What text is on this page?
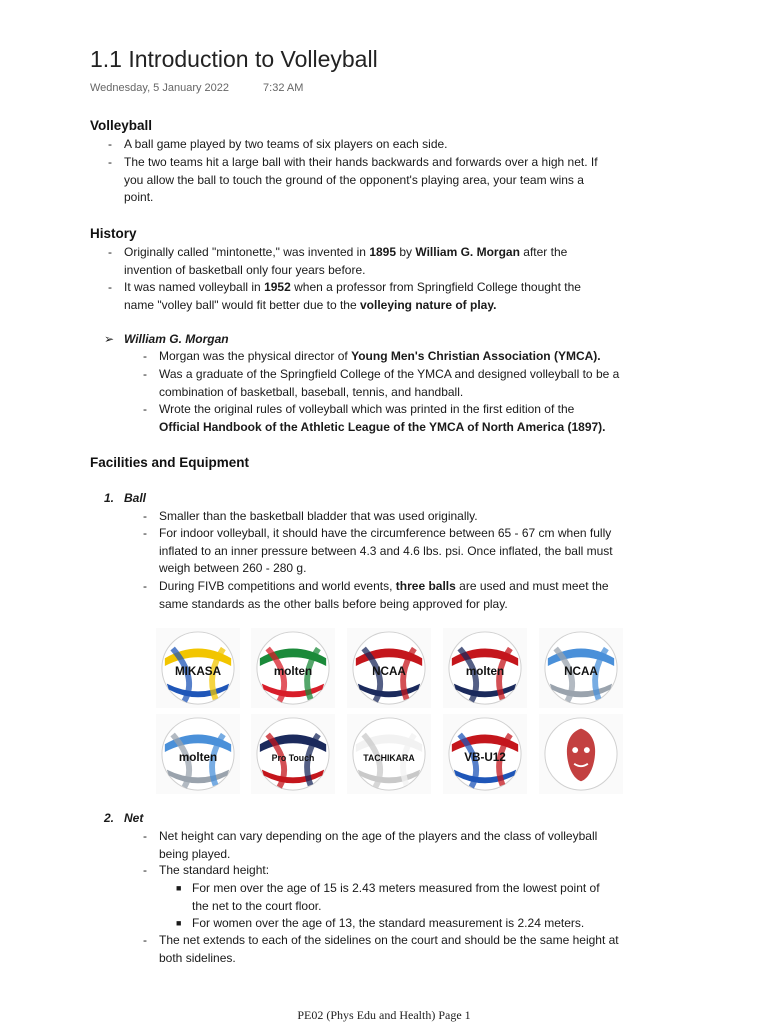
1.1 Introduction to Volleyball
Wednesday, 5 January 2022	7:32 AM
Volleyball
-	A ball game played by two teams of six players on each side.
-	The two teams hit a large ball with their hands backwards and forwards over a high net. If
you allow the ball to touch the ground of the opponent's playing area, your team wins a
point.
History
-	Originally called "mintonette," was invented in 1895 by William G. Morgan after the
invention of basketball only four years before.
-	It was named volleyball in 1952 when a professor from Springfield College thought the
name "volley ball" would fit better due to the volleying nature of play.
➢ William G. Morgan
-	Morgan was the physical director of Young Men's Christian Association (YMCA).
-	Was a graduate of the Springfield College of the YMCA and designed volleyball to be a
combination of basketball, baseball, tennis, and handball.
-	Wrote the original rules of volleyball which was printed in the first edition of the
Official Handbook of the Athletic League of the YMCA of North America (1897).
Facilities and Equipment
1. Ball
-	Smaller than the basketball bladder that was used originally.
-	For indoor volleyball, it should have the circumference between 65 - 67 cm when fully
inflated to an inner pressure between 4.3 and 4.6 lbs. psi. Once inflated, the ball must
weigh between 260 - 280 g.
-	During FIVB competitions and world events, three balls are used and must meet the
same standards as the other balls before being approved for play.
MIKASA	molten	NCAA	molten	NCAA
molten	Pro Touch	TACHIKARA	VB-U12
2. Net
-	Net height can vary depending on the age of the players and the class of volleyball
being played.
-	The standard height:
■ For men over the age of 15 is 2.43 meters measured from the lowest point of
the net to the court floor.
■ For women over the age of 13, the standard measurement is 2.24 meters.
-	The net extends to each of the sidelines on the court and should be the same height at
both sidelines.
PE02 (Phys Edu and Health) Page 1
